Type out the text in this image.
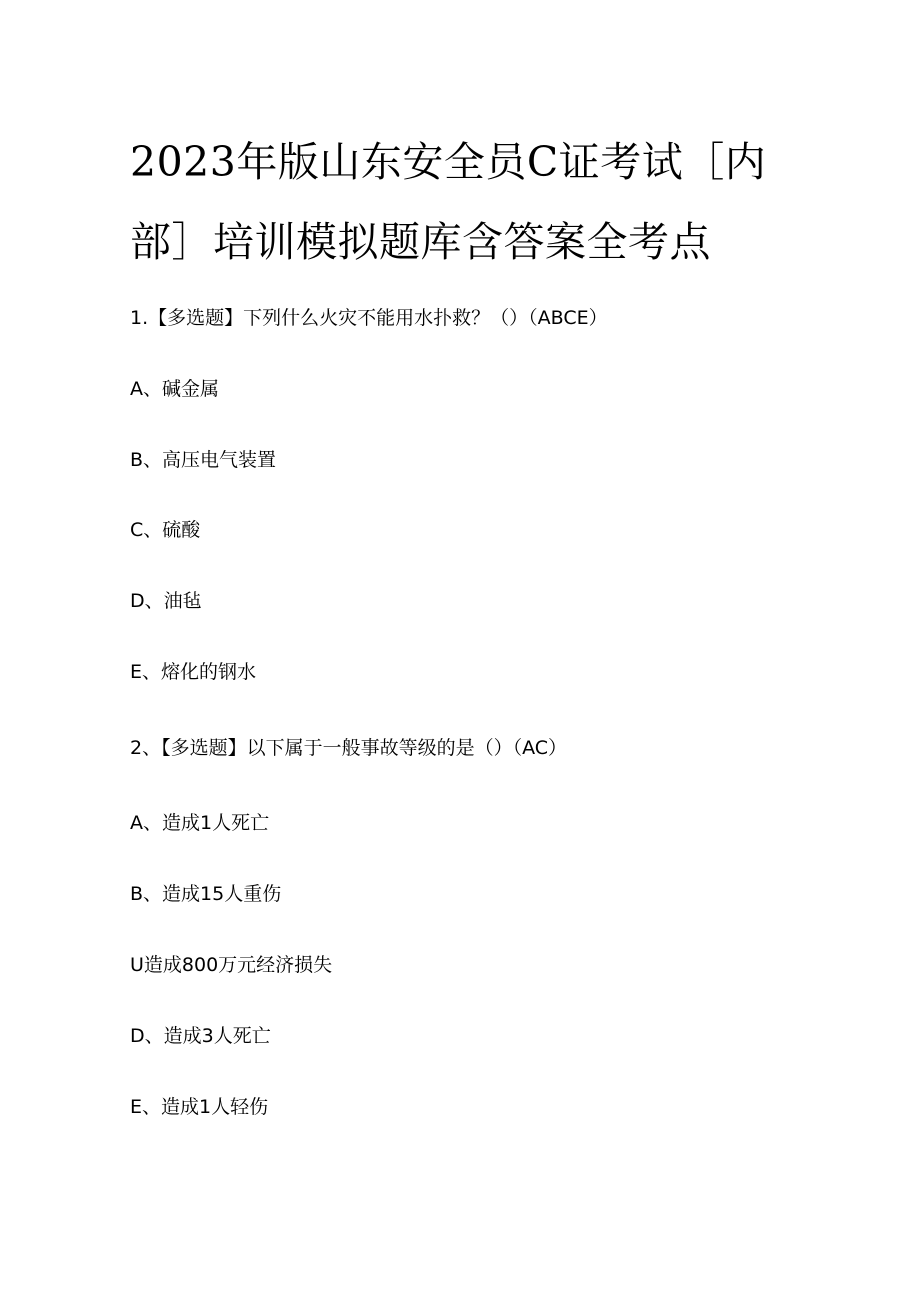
2023年版山东安全员C证考试［内部］培训模拟题库含答案全考点

1.【多选题】下列什么火灾不能用水扑救？（）（ABCE）

A、碱金属

B、高压电气装置

C、硫酸

D、油毡

E、熔化的钢水

2、【多选题】以下属于一般事故等级的是（）（AC）

A、造成1人死亡

B、造成15人重伤

U造成800万元经济损失

D、造成3人死亡

E、造成1人轻伤
